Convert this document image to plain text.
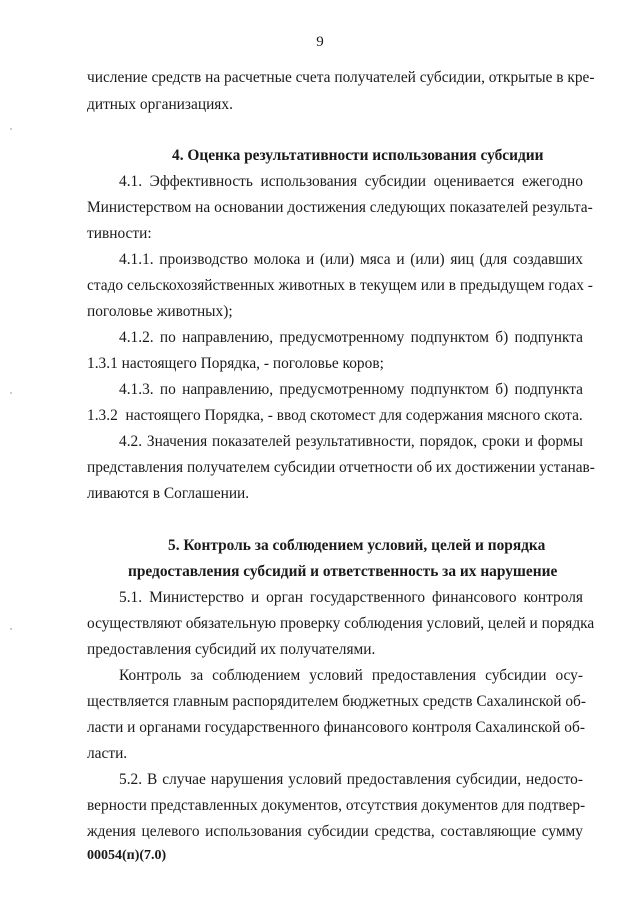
9
числение средств на расчетные счета получателей субсидии, открытые в кре-
дитных организациях.
4. Оценка результативности использования субсидии
4.1. Эффективность использования субсидии оценивается ежегодно
Министерством на основании достижения следующих показателей результа-
тивности:
4.1.1. производство молока и (или) мяса и (или) яиц (для создавших
стадо сельскохозяйственных животных в текущем или в предыдущем годах -
поголовье животных);
4.1.2. по направлению, предусмотренному подпунктом б) подпункта
1.3.1 настоящего Порядка, - поголовье коров;
4.1.3. по направлению, предусмотренному подпунктом б) подпункта
1.3.2  настоящего Порядка, - ввод скотомест для содержания мясного скота.
4.2. Значения показателей результативности, порядок, сроки и формы
представления получателем субсидии отчетности об их достижении устанав-
ливаются в Соглашении.
5. Контроль за соблюдением условий, целей и порядка
предоставления субсидий и ответственность за их нарушение
5.1. Министерство и орган государственного финансового контроля
осуществляют обязательную проверку соблюдения условий, целей и порядка
предоставления субсидий их получателями.
Контроль за соблюдением условий предоставления субсидии осу-
ществляется главным распорядителем бюджетных средств Сахалинской об-
ласти и органами государственного финансового контроля Сахалинской об-
ласти.
5.2. В случае нарушения условий предоставления субсидии, недосто-
верности представленных документов, отсутствия документов для подтвер-
ждения целевого использования субсидии средства, составляющие сумму
00054(п)(7.0)
